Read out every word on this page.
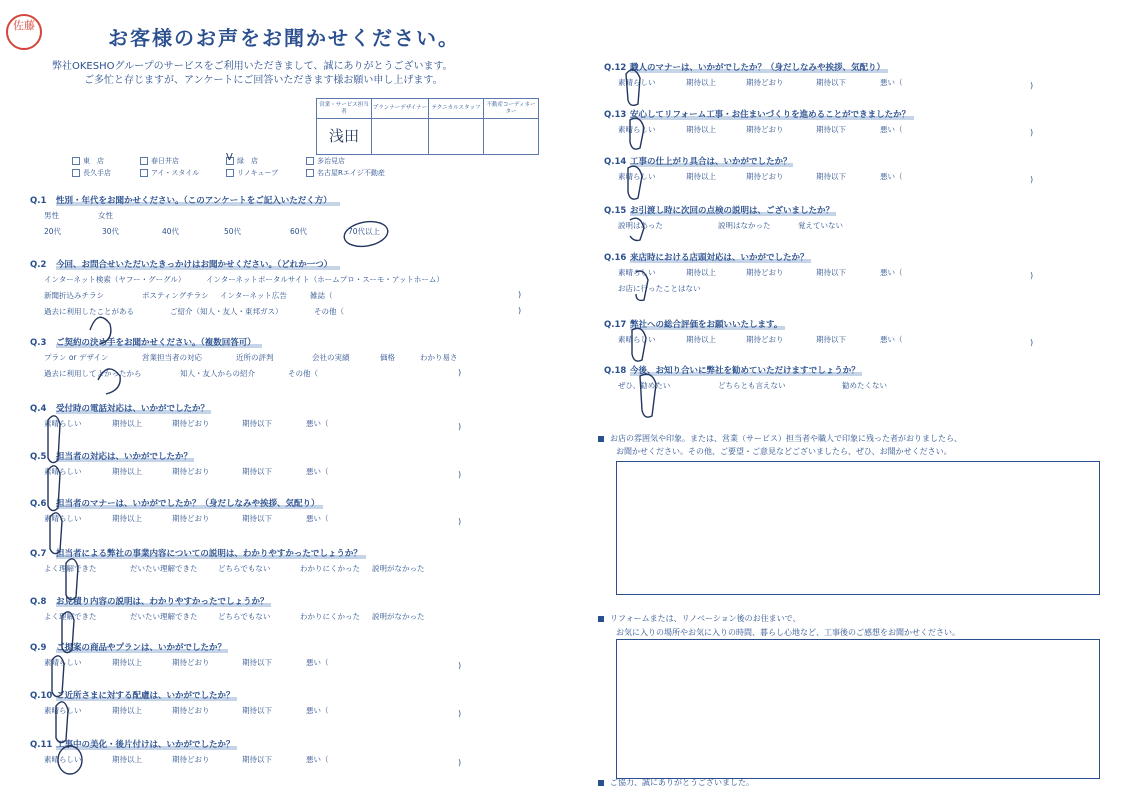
佐藤
お客様のお声をお聞かせください。
弊社OKESHOグループのサービスをご利用いただきまして、誠にありがとうございます。
ご多忙と存じますが、アンケートにご回答いただきます様お願い申し上げます。
営業・サービス担当者	プランナーデザイナー	テクニカルスタッフ	不動産コーディネーター
浅田			
東　店	春日井店	V 緑　店	多治見店
長久手店	アイ・スタイル	リノキューブ	名古屋Rエイジ不動産
Q.1 性別・年代をお聞かせください。（このアンケートをご記入いただく方）
男性	女性
20代	30代	40代	50代	60代	70代以上
Q.2 今回、お問合せいただいたきっかけはお聞かせください。（どれか一つ）
インターネット検索（ヤフー・グーグル）	インターネットポータルサイト（ホームプロ・スーモ・アットホーム）
新聞折込みチラシ	ポスティングチラシ インターネット広告	雑誌（
過去に利用したことがある	ご紹介（知人・友人・東邦ガス）	その他（
)
)
Q.3 ご契約の決め手をお聞かせください。（複数回答可）
プラン or デザイン	営業担当者の対応	近所の評判	会社の実績	価格	わかり易さ
過去に利用してよかったから	知人・友人からの紹介	その他（	)
Q.4 受付時の電話対応は、いかがでしたか？
素晴らしい	期待以上	期待どおり	期待以下	悪い（	)
Q.5 担当者の対応は、いかがでしたか？
素晴らしい	期待以上	期待どおり	期待以下	悪い（	)
Q.6 担当者のマナーは、いかがでしたか？（身だしなみや挨拶、気配り）
素晴らしい	期待以上	期待どおり	期待以下	悪い（	)
Q.7 担当者による弊社の事業内容についての説明は、わかりやすかったでしょうか？
よく理解できた	だいたい理解できた	どちらでもない	わかりにくかった 説明がなかった
Q.8 お見積り内容の説明は、わかりやすかったでしょうか？
よく理解できた	だいたい理解できた	どちらでもない	わかりにくかった 説明がなかった
Q.9 ご提案の商品やプランは、いかがでしたか？
素晴らしい	期待以上	期待どおり	期待以下	悪い（	)
Q.10 ご近所さまに対する配慮は、いかがでしたか？
素晴らしい	期待以上	期待どおり	期待以下	悪い（	)
Q.11 工事中の美化・後片付けは、いかがでしたか？
素晴らしい	期待以上	期待どおり	期待以下	悪い（	)
Q.12 職人のマナーは、いかがでしたか？（身だしなみや挨拶、気配り）
素晴らしい	期待以上	期待どおり	期待以下	悪い（	)
Q.13 安心してリフォーム工事・お住まいづくりを進めることができましたか？
素晴らしい	期待以上	期待どおり	期待以下	悪い（	)
Q.14 工事の仕上がり具合は、いかがでしたか？
素晴らしい	期待以上	期待どおり	期待以下	悪い（	)
Q.15 お引渡し時に次回の点検の説明は、ございましたか？
説明はあった	説明はなかった	覚えていない
Q.16 来店時における店頭対応は、いかがでしたか？
素晴らしい	期待以上	期待どおり	期待以下	悪い（	)
お店に行ったことはない
Q.17 弊社への総合評価をお願いいたします。
素晴らしい	期待以上	期待どおり	期待以下	悪い（	)
Q.18 今後、お知り合いに弊社を勧めていただけますでしょうか？
ぜひ、勧めたい	どちらとも言えない	勧めたくない
お店の雰囲気や印象。または、営業（サービス）担当者や職人で印象に残った者がおりましたら、
お聞かせください。その他、ご要望・ご意見などございましたら、ぜひ、お聞かせください。
リフォームまたは、リノベーション後のお住まいで、
お気に入りの場所やお気に入りの時間、暮らし心地など、工事後のご感想をお聞かせください。
ご協力、誠にありがとうございました。
